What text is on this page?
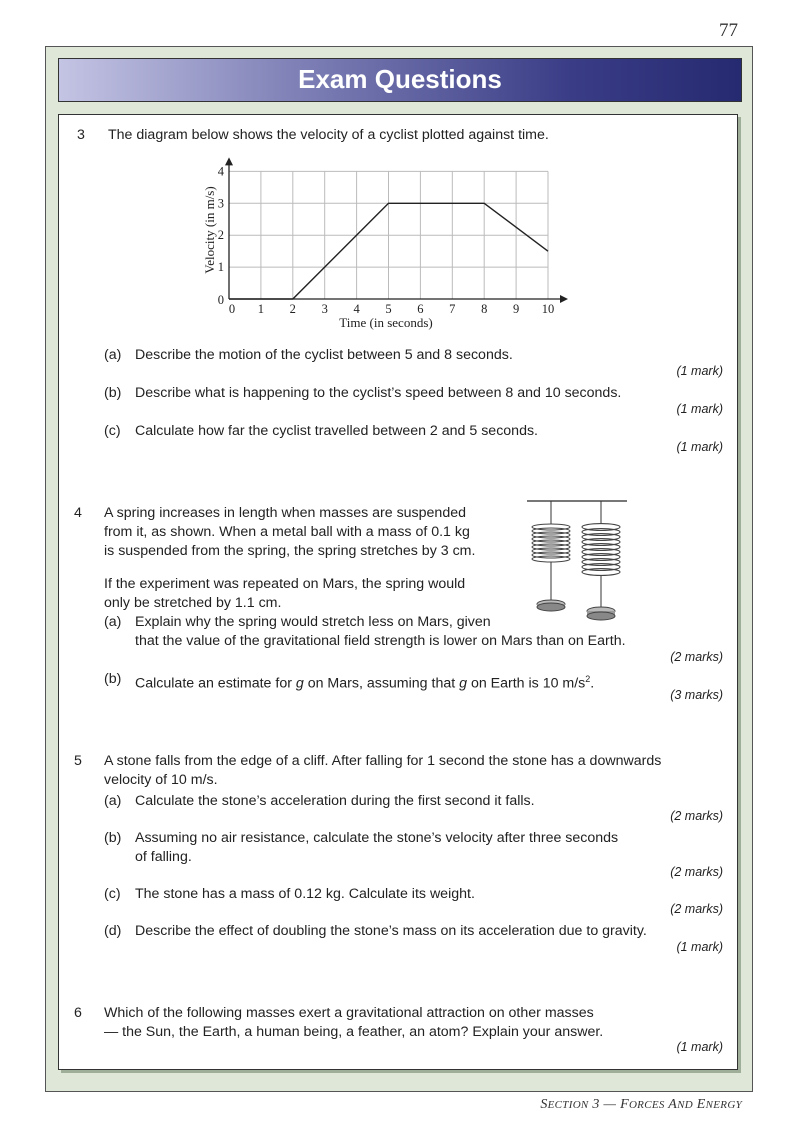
77
Exam Questions
3 The diagram below shows the velocity of a cyclist plotted against time.
0 1 2 3 4 5 6 7 8 9 10
1
2
3
4
0
Time (in seconds)
Velocity (in m/s)
(a) Describe the motion of the cyclist between 5 and 8 seconds.
(1 mark)
(b) Describe what is happening to the cyclist’s speed between 8 and 10 seconds.
(1 mark)
(c) Calculate how far the cyclist travelled between 2 and 5 seconds.
(1 mark)
4 A spring increases in length when masses are suspended
from it, as shown. When a metal ball with a mass of 0.1 kg
is suspended from the spring, the spring stretches by 3 cm.
If the experiment was repeated on Mars, the spring would
only be stretched by 1.1 cm.
(a) Explain why the spring would stretch less on Mars, given
that the value of the gravitational field strength is lower on Mars than on Earth.
(2 marks)
(b) Calculate an estimate for g on Mars, assuming that g on Earth is 10 $m/s^2$.
(3 marks)
5 A stone falls from the edge of a cliff. After falling for 1 second the stone has a downwards
velocity of 10 m/s.
(a) Calculate the stone’s acceleration during the first second it falls.
(2 marks)
(b) Assuming no air resistance, calculate the stone’s velocity after three seconds
of falling.
(2 marks)
(c) The stone has a mass of 0.12 kg. Calculate its weight.
(2 marks)
(d) Describe the effect of doubling the stone’s mass on its acceleration due to gravity.
(1 mark)
6 Which of the following masses exert a gravitational attraction on other masses
— the Sun, the Earth, a human being, a feather, an atom? Explain your answer.
(1 mark)
SECTION 3 — FORCES AND ENERGY
